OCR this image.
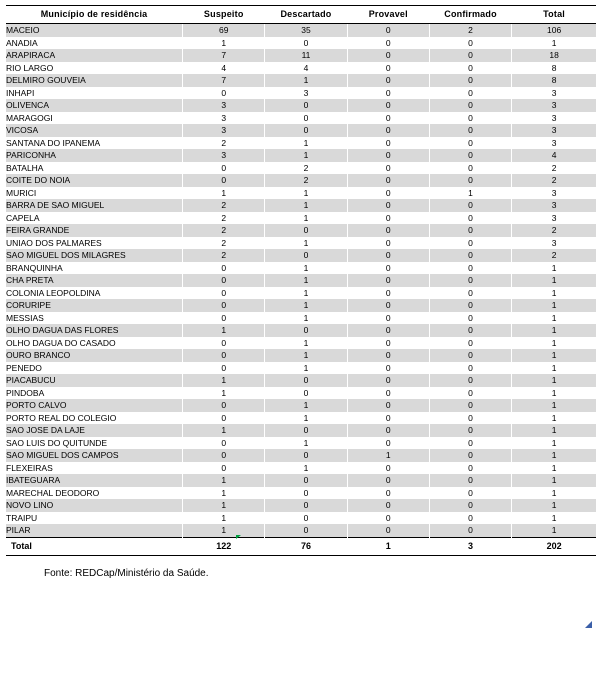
Município de residência	Suspeito	Descartado	Provavel	Confirmado	Total
MACEIO	69	35	0	2	106
ANADIA	1	0	0	0	1
ARAPIRACA	7	11	0	0	18
RIO LARGO	4	4	0	0	8
DELMIRO GOUVEIA	7	1	0	0	8
INHAPI	0	3	0	0	3
OLIVENCA	3	0	0	0	3
MARAGOGI	3	0	0	0	3
VICOSA	3	0	0	0	3
SANTANA DO IPANEMA	2	1	0	0	3
PARICONHA	3	1	0	0	4
BATALHA	0	2	0	0	2
COITE DO NOIA	0	2	0	0	2
MURICI	1	1	0	1	3
BARRA DE SAO MIGUEL	2	1	0	0	3
CAPELA	2	1	0	0	3
FEIRA GRANDE	2	0	0	0	2
UNIAO DOS PALMARES	2	1	0	0	3
SAO MIGUEL DOS MILAGRES	2	0	0	0	2
BRANQUINHA	0	1	0	0	1
CHA PRETA	0	1	0	0	1
COLONIA LEOPOLDINA	0	1	0	0	1
CORURIPE	0	1	0	0	1
MESSIAS	0	1	0	0	1
OLHO DAGUA DAS FLORES	1	0	0	0	1
OLHO DAGUA DO CASADO	0	1	0	0	1
OURO BRANCO	0	1	0	0	1
PENEDO	0	1	0	0	1
PIACABUCU	1	0	0	0	1
PINDOBA	1	0	0	0	1
PORTO CALVO	0	1	0	0	1
PORTO REAL DO COLEGIO	0	1	0	0	1
SAO JOSE DA LAJE	1	0	0	0	1
SAO LUIS DO QUITUNDE	0	1	0	0	1
SAO MIGUEL DOS CAMPOS	0	0	1	0	1
FLEXEIRAS	0	1	0	0	1
IBATEGUARA	1	0	0	0	1
MARECHAL DEODORO	1	0	0	0	1
NOVO LINO	1	0	0	0	1
TRAIPU	1	0	0	0	1
PILAR	1	0	0	0	1
Total	122	76	1	3	202
Fonte: REDCap/Ministério da Saúde.
